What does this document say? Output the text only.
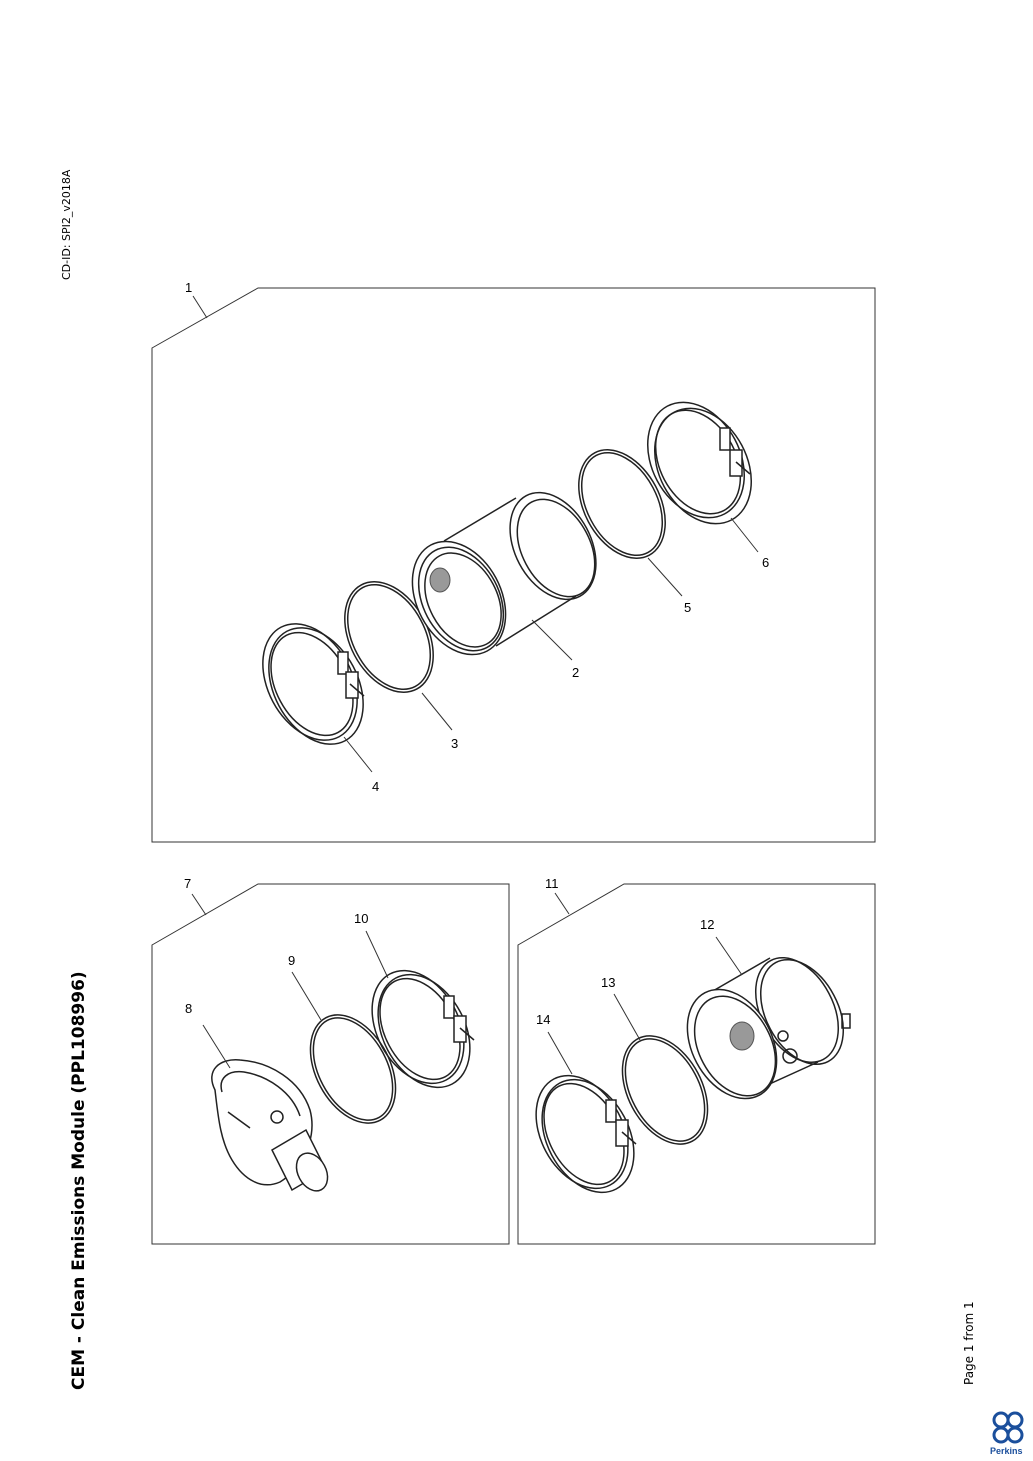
CEM - Clean Emissions Module (PPL108996)
CD-ID: SPI2_v2018A
Page 1 from 1
1
2
3
4
5
6
7
8
9
10
11
12
13
14
Perkins
